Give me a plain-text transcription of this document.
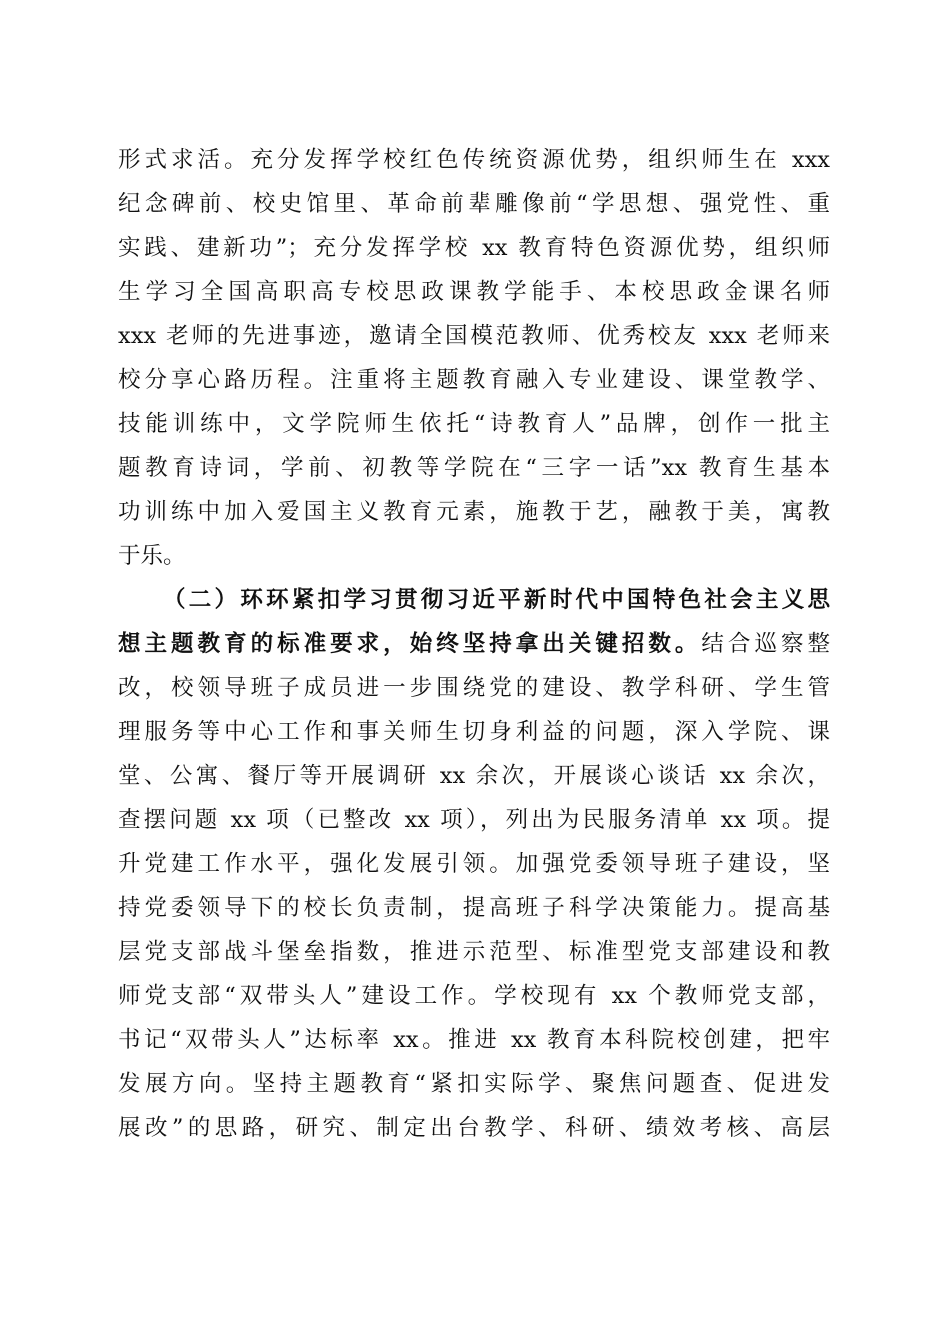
形式求活。充分发挥学校红色传统资源优势，组织师生在 xxx
纪念碑前、校史馆里、革命前辈雕像前“学思想、强党性、重
实践、建新功”；充分发挥学校 xx 教育特色资源优势，组织师
生学习全国高职高专校思政课教学能手、本校思政金课名师
xxx 老师的先进事迹，邀请全国模范教师、优秀校友 xxx 老师来
校分享心路历程。注重将主题教育融入专业建设、课堂教学、
技能训练中，文学院师生依托“诗教育人”品牌，创作一批主
题教育诗词，学前、初教等学院在“三字一话”xx 教育生基本
功训练中加入爱国主义教育元素，施教于艺，融教于美，寓教
于乐。
（二）环环紧扣学习贯彻习近平新时代中国特色社会主义思
想主题教育的标准要求，始终坚持拿出关键招数。结合巡察整
改，校领导班子成员进一步围绕党的建设、教学科研、学生管
理服务等中心工作和事关师生切身利益的问题，深入学院、课
堂、公寓、餐厅等开展调研 xx 余次，开展谈心谈话 xx 余次，
查摆问题 xx 项（已整改 xx 项），列出为民服务清单 xx 项。提
升党建工作水平，强化发展引领。加强党委领导班子建设，坚
持党委领导下的校长负责制，提高班子科学决策能力。提高基
层党支部战斗堡垒指数，推进示范型、标准型党支部建设和教
师党支部“双带头人”建设工作。学校现有 xx 个教师党支部，
书记“双带头人”达标率 xx。推进 xx 教育本科院校创建，把牢
发展方向。坚持主题教育“紧扣实际学、聚焦问题查、促进发
展改”的思路，研究、制定出台教学、科研、绩效考核、高层
